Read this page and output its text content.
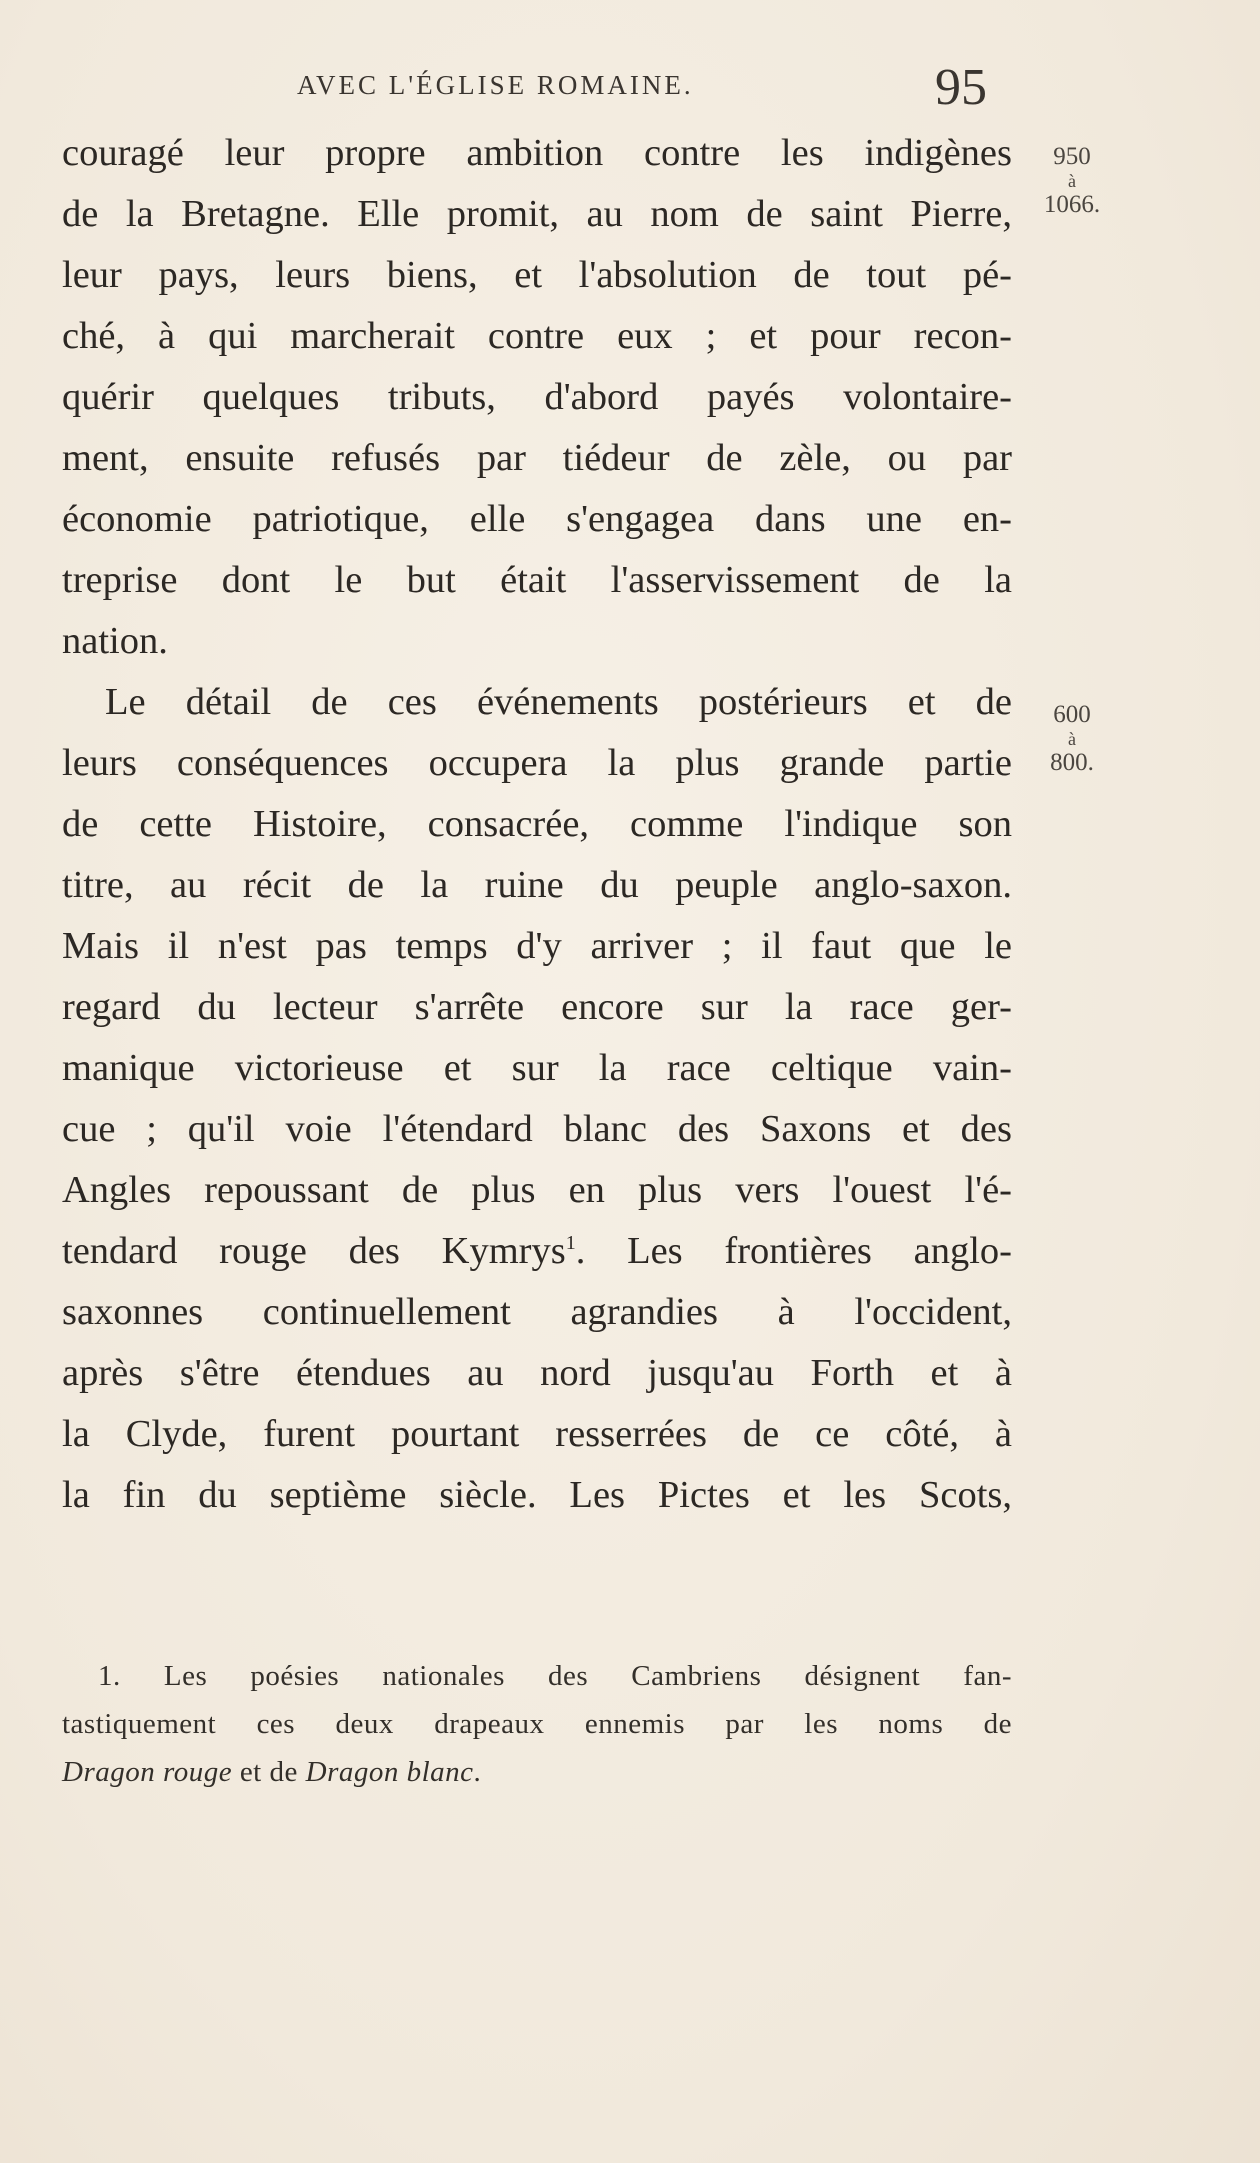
AVEC L'ÉGLISE ROMAINE.	95
950
à
1066.
600
à
800.
couragé leur propre ambition contre les indigènes
de la Bretagne. Elle promit, au nom de saint Pierre,
leur pays, leurs biens, et l'absolution de tout pé-
ché, à qui marcherait contre eux ; et pour recon-
quérir quelques tributs, d'abord payés volontaire-
ment, ensuite refusés par tiédeur de zèle, ou par
économie patriotique, elle s'engagea dans une en-
treprise dont le but était l'asservissement de la
nation.
Le détail de ces événements postérieurs et de
leurs conséquences occupera la plus grande partie
de cette Histoire, consacrée, comme l'indique son
titre, au récit de la ruine du peuple anglo-saxon.
Mais il n'est pas temps d'y arriver ; il faut que le
regard du lecteur s'arrête encore sur la race ger-
manique victorieuse et sur la race celtique vain-
cue ; qu'il voie l'étendard blanc des Saxons et des
Angles repoussant de plus en plus vers l'ouest l'é-
tendard rouge des Kymrys$^1$. Les frontières anglo-
saxonnes continuellement agrandies à l'occident,
après s'être étendues au nord jusqu'au Forth et à
la Clyde, furent pourtant resserrées de ce côté, à
la fin du septième siècle. Les Pictes et les Scots,
1. Les poésies nationales des Cambriens désignent fan-
tastiquement ces deux drapeaux ennemis par les noms de
Dragon rouge et de Dragon blanc.
